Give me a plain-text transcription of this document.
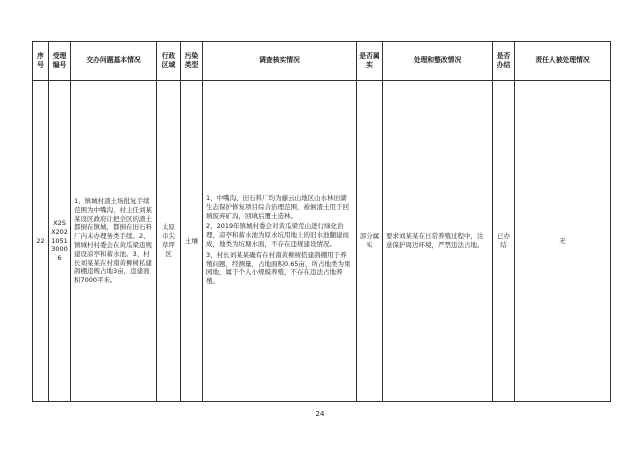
序号	受理编号	交办问题基本情况	行政区域	污染类型	调查核实情况	是否属实	处理和整改情况	是否办结	责任人被处理情况
22	X2SX202105130006	1、镇城村渣土场批复手续范围为中嘴沟，村主任刘某某设区政府让把全区的渣土都倒在镇城，都倒在田石料厂内未办理务类手续。2、镇城村村委会在黄瓜梁违规建设凉亭和蓄水池。3、村长刘某某在村南黄柳树私建鸽棚违规占地3亩，违建面积7000平米。	太原市尖草坪区	土壤	1、中嘴沟、田石料厂均为藤云山地区山水林田湖生态保护修复项目综合治理范围，被倒渣土用于回填废弃矿沟，回填后覆土造林。
2、2019年镇城村委会对黄瓜梁荒山进行绿化治理，凉亭和蓄水池为原水坑用地上的旧水池翻建而成，地类为坑塘水面，不存在违规建设情况。
3、村长刘某某确有在村南黄柳树搭建鸽棚用于养殖问题，经测量，占地面积0.65亩，所占地类为果园地，属于个人小规模养殖，不存在违法占地养殖。	部分属实	要求刘某某在日常养殖过程中，注意保护周边环境，严禁违法占地。	已办结	无
24
